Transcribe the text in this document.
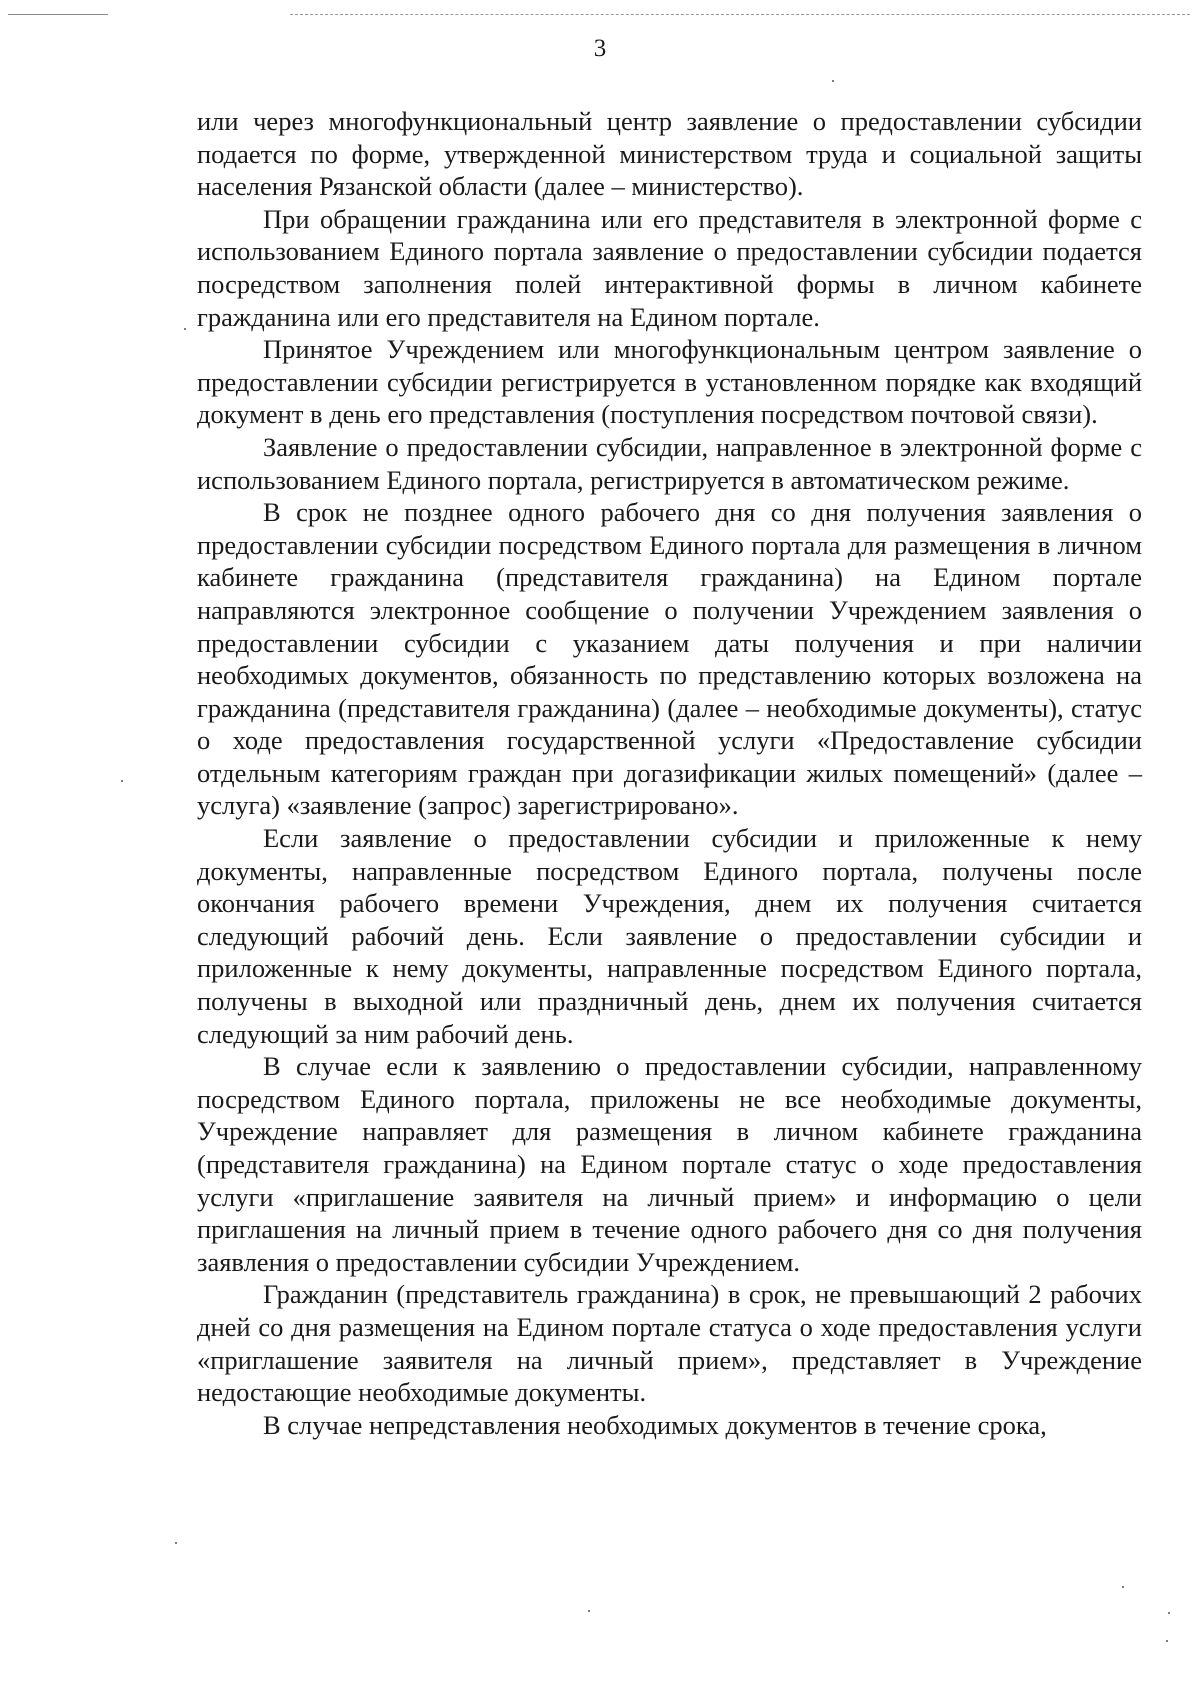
3

или через многофункциональный центр заявление о предоставлении субсидии подается по форме, утвержденной министерством труда и социальной защиты населения Рязанской области (далее – министерство).

При обращении гражданина или его представителя в электронной форме с использованием Единого портала заявление о предоставлении субсидии подается посредством заполнения полей интерактивной формы в личном кабинете гражданина или его представителя на Едином портале.

Принятое Учреждением или многофункциональным центром заявление о предоставлении субсидии регистрируется в установленном порядке как входящий документ в день его представления (поступления посредством почтовой связи).

Заявление о предоставлении субсидии, направленное в электронной форме с использованием Единого портала, регистрируется в автоматическом режиме.

В срок не позднее одного рабочего дня со дня получения заявления о предоставлении субсидии посредством Единого портала для размещения в личном кабинете гражданина (представителя гражданина) на Едином портале направляются электронное сообщение о получении Учреждением заявления о предоставлении субсидии с указанием даты получения и при наличии необходимых документов, обязанность по представлению которых возложена на гражданина (представителя гражданина) (далее – необходимые документы), статус о ходе предоставления государственной услуги «Предоставление субсидии отдельным категориям граждан при догазификации жилых помещений» (далее – услуга) «заявление (запрос) зарегистрировано».

Если заявление о предоставлении субсидии и приложенные к нему документы, направленные посредством Единого портала, получены после окончания рабочего времени Учреждения, днем их получения считается следующий рабочий день. Если заявление о предоставлении субсидии и приложенные к нему документы, направленные посредством Единого портала, получены в выходной или праздничный день, днем их получения считается следующий за ним рабочий день.

В случае если к заявлению о предоставлении субсидии, направленному посредством Единого портала, приложены не все необходимые документы, Учреждение направляет для размещения в личном кабинете гражданина (представителя гражданина) на Едином портале статус о ходе предоставления услуги «приглашение заявителя на личный прием» и информацию о цели приглашения на личный прием в течение одного рабочего дня со дня получения заявления о предоставлении субсидии Учреждением.

Гражданин (представитель гражданина) в срок, не превышающий 2 рабочих дней со дня размещения на Едином портале статуса о ходе предоставления услуги «приглашение заявителя на личный прием», представляет в Учреждение недостающие необходимые документы.

В случае непредставления необходимых документов в течение срока,
